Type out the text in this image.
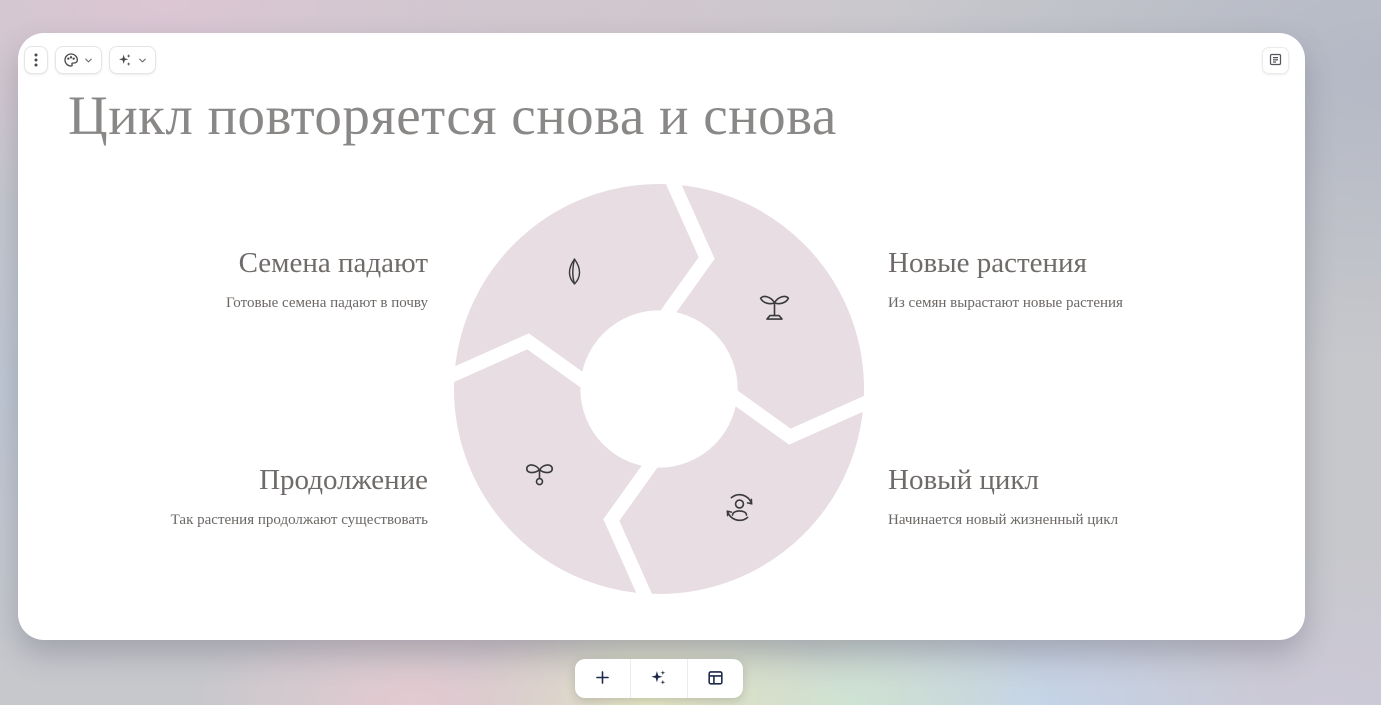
Цикл повторяется снова и снова
Семена падают

Готовые семена падают в почву

Новые растения

Из семян вырастают новые растения

Продолжение

Так растения продолжают существовать

Новый цикл

Начинается новый жизненный цикл
